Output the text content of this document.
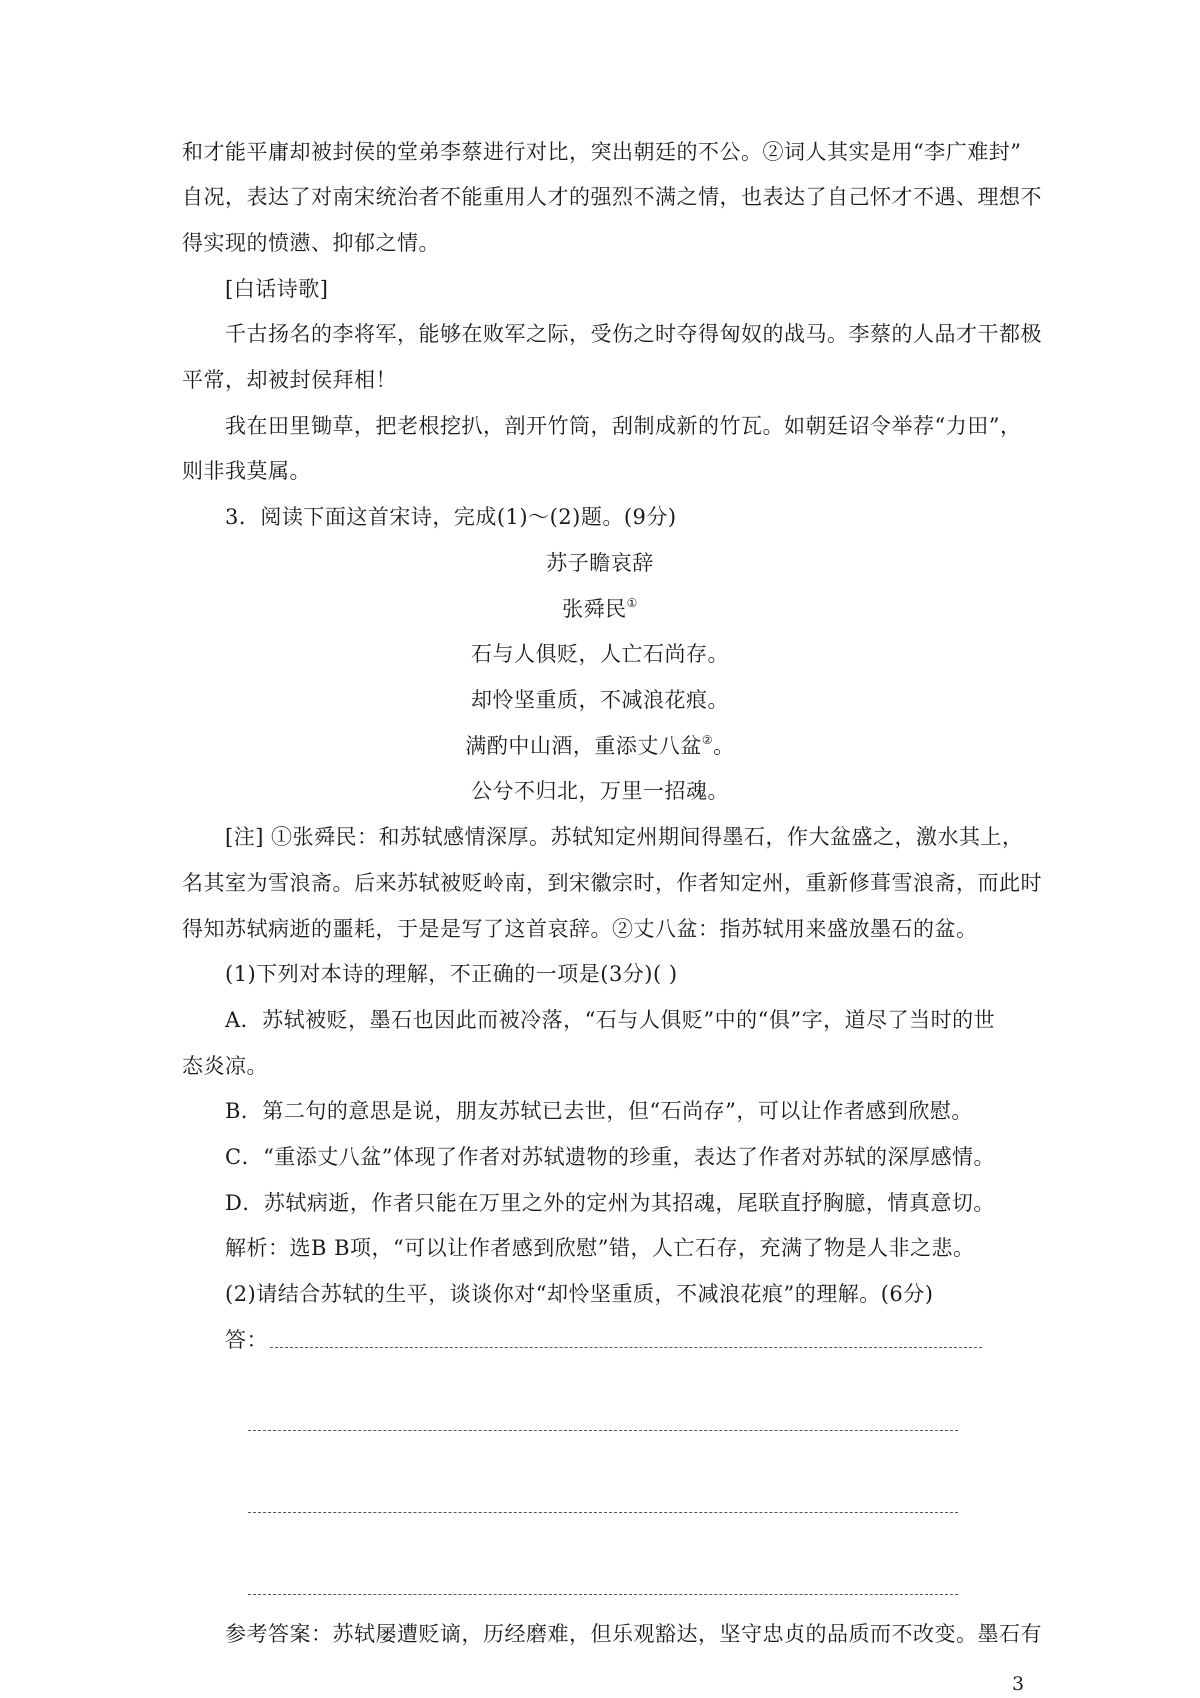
和才能平庸却被封侯的堂弟李蔡进行对比，突出朝廷的不公。②词人其实是用“李广难封”
自况，表达了对南宋统治者不能重用人才的强烈不满之情，也表达了自己怀才不遇、理想不
得实现的愤懑、抑郁之情。
[白话诗歌]
千古扬名的李将军，能够在败军之际，受伤之时夺得匈奴的战马。李蔡的人品才干都极
平常，却被封侯拜相！
我在田里锄草，把老根挖扒，剖开竹筒，刮制成新的竹瓦。如朝廷诏令举荐“力田”，
则非我莫属。
3．阅读下面这首宋诗，完成(1)～(2)题。(9分)
苏子瞻哀辞
张舜民①
石与人俱贬，人亡石尚存。
却怜坚重质，不减浪花痕。
满酌中山酒，重添丈八盆②。
公兮不归北，万里一招魂。
[注] ①张舜民：和苏轼感情深厚。苏轼知定州期间得墨石，作大盆盛之，激水其上，
名其室为雪浪斋。后来苏轼被贬岭南，到宋徽宗时，作者知定州，重新修葺雪浪斋，而此时
得知苏轼病逝的噩耗，于是是写了这首哀辞。②丈八盆：指苏轼用来盛放墨石的盆。
(1)下列对本诗的理解，不正确的一项是(3分)( )
A．苏轼被贬，墨石也因此而被冷落，“石与人俱贬”中的“俱”字，道尽了当时的世
态炎凉。
B．第二句的意思是说，朋友苏轼已去世，但“石尚存”，可以让作者感到欣慰。
C．“重添丈八盆”体现了作者对苏轼遗物的珍重，表达了作者对苏轼的深厚感情。
D．苏轼病逝，作者只能在万里之外的定州为其招魂，尾联直抒胸臆，情真意切。
解析：选B B项，“可以让作者感到欣慰”错，人亡石存，充满了物是人非之悲。
(2)请结合苏轼的生平，谈谈你对“却怜坚重质，不减浪花痕”的理解。(6分)
答：
参考答案：苏轼屡遭贬谪，历经磨难，但乐观豁达，坚守忠贞的品质而不改变。墨石有
3
